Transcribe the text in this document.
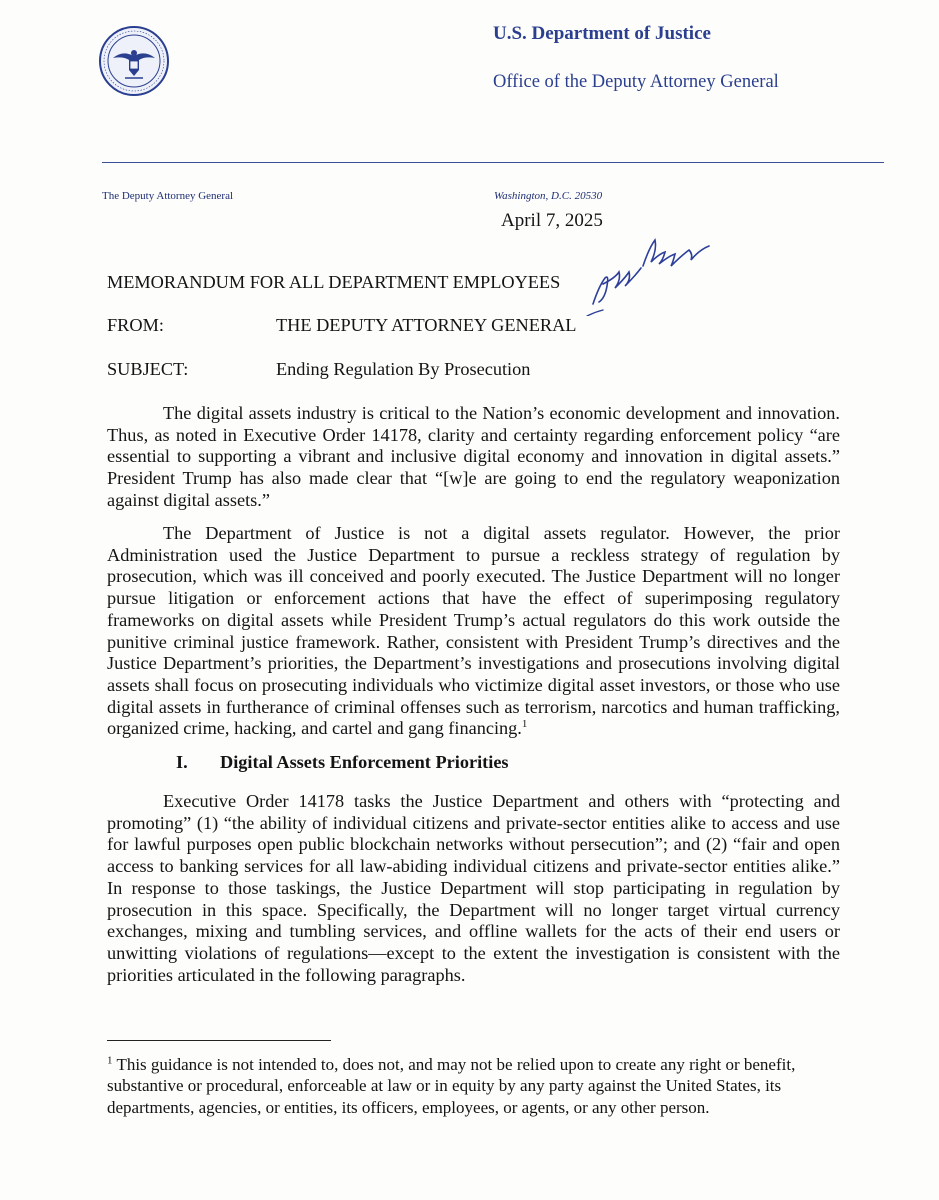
U.S. Department of Justice
Office of the Deputy Attorney General
The Deputy Attorney General	Washington, D.C. 20530
April 7, 2025
MEMORANDUM FOR ALL DEPARTMENT EMPLOYEES
FROM:	THE DEPUTY ATTORNEY GENERAL
SUBJECT:	Ending Regulation By Prosecution

The digital assets industry is critical to the Nation’s economic development and innovation. Thus, as noted in Executive Order 14178, clarity and certainty regarding enforcement policy “are essential to supporting a vibrant and inclusive digital economy and innovation in digital assets.” President Trump has also made clear that “[w]e are going to end the regulatory weaponization against digital assets.”

The Department of Justice is not a digital assets regulator. However, the prior Administration used the Justice Department to pursue a reckless strategy of regulation by prosecution, which was ill conceived and poorly executed. The Justice Department will no longer pursue litigation or enforcement actions that have the effect of superimposing regulatory frameworks on digital assets while President Trump’s actual regulators do this work outside the punitive criminal justice framework. Rather, consistent with President Trump’s directives and the Justice Department’s priorities, the Department’s investigations and prosecutions involving digital assets shall focus on prosecuting individuals who victimize digital asset investors, or those who use digital assets in furtherance of criminal offenses such as terrorism, narcotics and human trafficking, organized crime, hacking, and cartel and gang financing.$^1$

I. Digital Assets Enforcement Priorities

Executive Order 14178 tasks the Justice Department and others with “protecting and promoting” (1) “the ability of individual citizens and private-sector entities alike to access and use for lawful purposes open public blockchain networks without persecution”; and (2) “fair and open access to banking services for all law-abiding individual citizens and private-sector entities alike.” In response to those taskings, the Justice Department will stop participating in regulation by prosecution in this space. Specifically, the Department will no longer target virtual currency exchanges, mixing and tumbling services, and offline wallets for the acts of their end users or unwitting violations of regulations—except to the extent the investigation is consistent with the priorities articulated in the following paragraphs.

$^1$ This guidance is not intended to, does not, and may not be relied upon to create any right or benefit, substantive or procedural, enforceable at law or in equity by any party against the United States, its departments, agencies, or entities, its officers, employees, or agents, or any other person.
